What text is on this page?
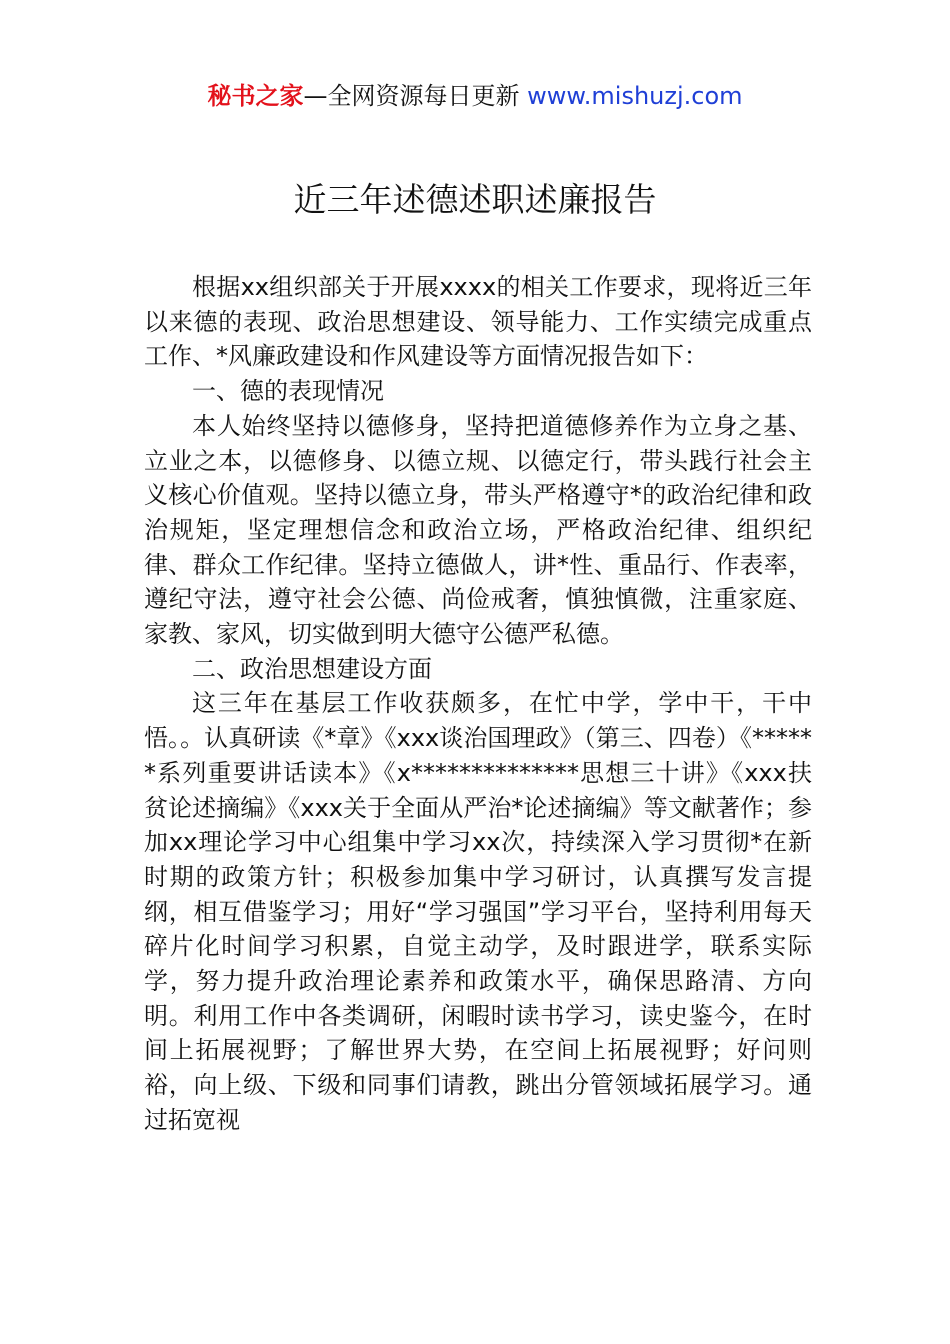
秘书之家—全网资源每日更新 www.mishuzj.com
近三年述德述职述廉报告

根据xx组织部关于开展xxxx的相关工作要求，现将近三年以来德的表现、政治思想建设、领导能力、工作实绩完成重点工作、*风廉政建设和作风建设等方面情况报告如下：

一、德的表现情况

本人始终坚持以德修身，坚持把道德修养作为立身之基、立业之本，以德修身、以德立规、以德定行，带头践行社会主义核心价值观。坚持以德立身，带头严格遵守*的政治纪律和政治规矩，坚定理想信念和政治立场，严格政治纪律、组织纪律、群众工作纪律。坚持立德做人，讲*性、重品行、作表率，遵纪守法，遵守社会公德、尚俭戒奢，慎独慎微，注重家庭、家教、家风，切实做到明大德守公德严私德。

二、政治思想建设方面

这三年在基层工作收获颇多，在忙中学，学中干，干中悟。。认真研读《*章》《xxx谈治国理政》（第三、四卷）《******系列重要讲话读本》《x**************思想三十讲》《xxx扶贫论述摘编》《xxx关于全面从严治*论述摘编》等文献著作；参加xx理论学习中心组集中学习xx次，持续深入学习贯彻*在新时期的政策方针；积极参加集中学习研讨，认真撰写发言提纲，相互借鉴学习；用好“学习强国”学习平台，坚持利用每天碎片化时间学习积累，自觉主动学，及时跟进学，联系实际学，努力提升政治理论素养和政策水平，确保思路清、方向明。利用工作中各类调研，闲暇时读书学习，读史鉴今，在时间上拓展视野；了解世界大势，在空间上拓展视野；好问则裕，向上级、下级和同事们请教，跳出分管领域拓展学习。通过拓宽视
